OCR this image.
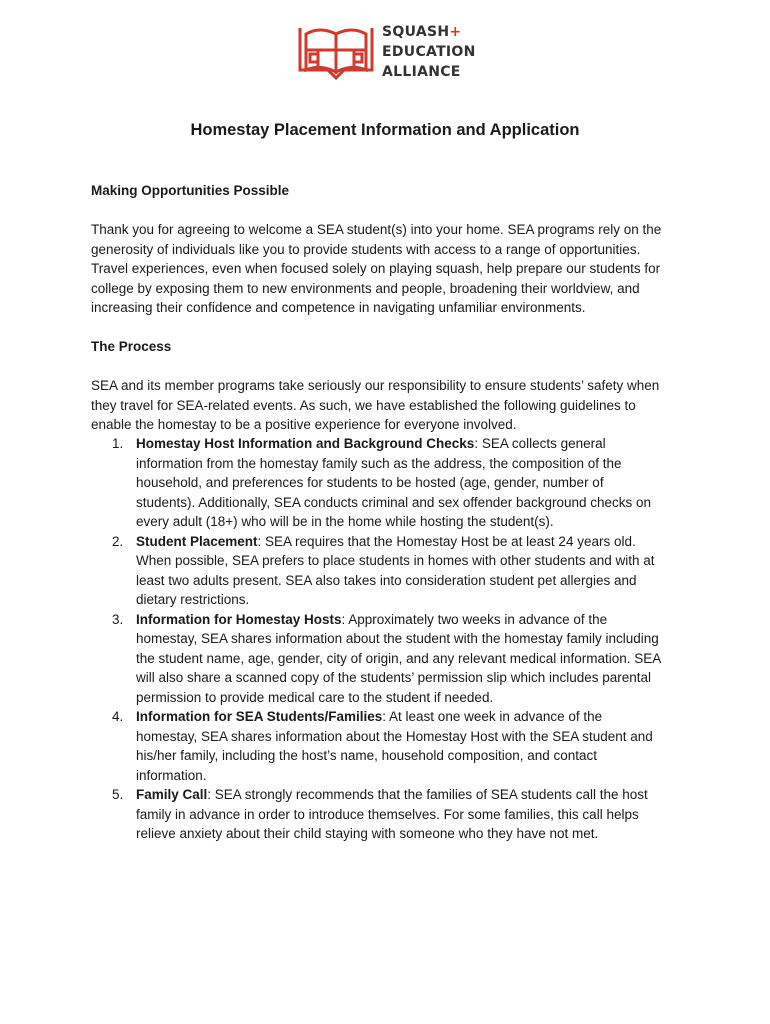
SQUASH+
EDUCATION
ALLIANCE
Homestay Placement Information and Application
Making Opportunities Possible
Thank you for agreeing to welcome a SEA student(s) into your home. SEA programs rely on the
generosity of individuals like you to provide students with access to a range of opportunities.
Travel experiences, even when focused solely on playing squash, help prepare our students for
college by exposing them to new environments and people, broadening their worldview, and
increasing their confidence and competence in navigating unfamiliar environments.
The Process
SEA and its member programs take seriously our responsibility to ensure students’ safety when
they travel for SEA-related events. As such, we have established the following guidelines to
enable the homestay to be a positive experience for everyone involved.
1. Homestay Host Information and Background Checks: SEA collects general
information from the homestay family such as the address, the composition of the
household, and preferences for students to be hosted (age, gender, number of
students). Additionally, SEA conducts criminal and sex offender background checks on
every adult (18+) who will be in the home while hosting the student(s).
2. Student Placement: SEA requires that the Homestay Host be at least 24 years old.
When possible, SEA prefers to place students in homes with other students and with at
least two adults present. SEA also takes into consideration student pet allergies and
dietary restrictions.
3. Information for Homestay Hosts: Approximately two weeks in advance of the
homestay, SEA shares information about the student with the homestay family including
the student name, age, gender, city of origin, and any relevant medical information. SEA
will also share a scanned copy of the students’ permission slip which includes parental
permission to provide medical care to the student if needed.
4. Information for SEA Students/Families: At least one week in advance of the
homestay, SEA shares information about the Homestay Host with the SEA student and
his/her family, including the host’s name, household composition, and contact
information.
5. Family Call: SEA strongly recommends that the families of SEA students call the host
family in advance in order to introduce themselves. For some families, this call helps
relieve anxiety about their child staying with someone who they have not met.
